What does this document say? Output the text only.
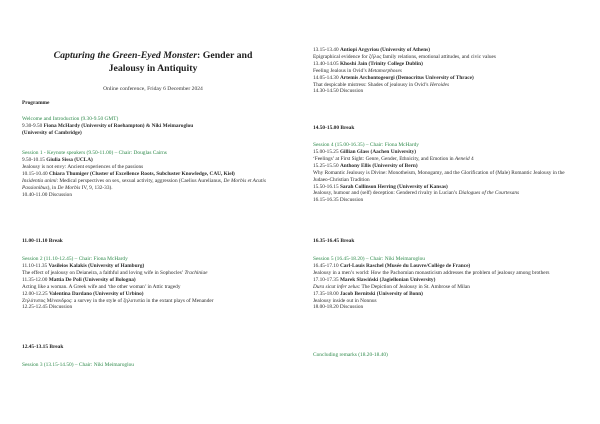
Capturing the Green-Eyed Monster: Gender and
Jealousy in Antiquity
Online conference, Friday 6 December 2024
Programme
Welcome and Introduction (9.30-9.50 GMT)
9.30-9.50 Fiona McHardy (University of Roehampton) & Niki Meimaroglou
(University of Cambridge)
Session 1 - Keynote speakers (9.50-11.00) – Chair: Douglas Cairns
9.50-10.15 Giulia Sissa (UCLA)
Jealousy is not envy: Ancient experiences of the passions
10.15-10.40 Chiara Thumiger (Cluster of Excellence Roots, Subcluster Knowledge, CAU, Kiel)
Insidentia animi: Medical perspectives on sex, sexual activity, aggression (Caelius Aurelianus, De Morbis et Acutis Passionibus), in De Morbis IV, 9, 132-33).
10.40-11.00 Discussion
11.00-11.10 Break
Session 2 (11.10-12.45) – Chair: Fiona McHardy
11.10-11.35 Vasileios Kalakis (University of Hamburg)
The effect of jealousy on Deianeira, a faithful and loving wife in Sophocles’ Trachiniae
11.35-12.00 Mattia De Poli (University of Bologna)
Acting like a woman. A Greek wife and ‘the other woman’ in Attic tragedy
12.00-12.25 Valentina Dardano (University of Urbino)
Ζηλότυπος Μένανδρος: a survey in the style of ζηλοτυπία in the extant plays of Menander
12.25-12.45 Discussion
12.45-13.15 Break
Session 3 (13.15-14.50) – Chair: Niki Meimaroglou
13.15-13.40 Antiopi Argyriou (University of Athens)
Epigraphical evidence for ζῆλος family relations, emotional attitudes, and civic values
13.40-14.05 Khoshi Jain (Trinity College Dublin)
Feeling Jealous in Ovid’s Metamorphoses
14.05-14.30 Artemis Archontogeorgi (Democritus University of Thrace)
That despicable mistress: Shades of jealousy in Ovid’s Heroides
14.30-14.50 Discussion
14.50-15.00 Break
Session 4 (15.00-16.35) – Chair: Fiona McHardy
15.00-15.25 Gillian Glass (Aachen University)
‘Feelings’ at First Sight: Genre, Gender, Ethnicity, and Emotion in Aeneid 4
15.25-15.50 Anthony Ellis (University of Bern)
Why Romantic Jealousy is Divine: Monotheism, Monogamy, and the Glorification of (Male) Romantic Jealousy in the Judaeo-Christian Tradition
15.50-16.15 Sarah Collinson Herring (University of Kansas)
Jealousy, humour and (self) deception: Gendered rivalry in Lucian’s Dialogues of the Courtesans
16.15-16.35 Discussion
16.35-16.45 Break
Session 5 (16.45-18.20) – Chair: Niki Meimaroglou
16.45-17.10 Carl-Louis Raschel (Musée du Louvre/Collège de France)
Jealousy in a men’s world: How the Pachomian monasticism addresses the problem of jealousy among brothers
17.10-17.35 Marek Slawiński (Jagiellonian University)
Dura sicut infer zelus: The Depiction of Jealousy in St. Ambrose of Milan
17.35-18.00 Jacob Bernitski (University of Bonn)
Jealousy inside out in Nonnus
18.00-18.20 Discussion
Concluding remarks (18.20-18.40)
